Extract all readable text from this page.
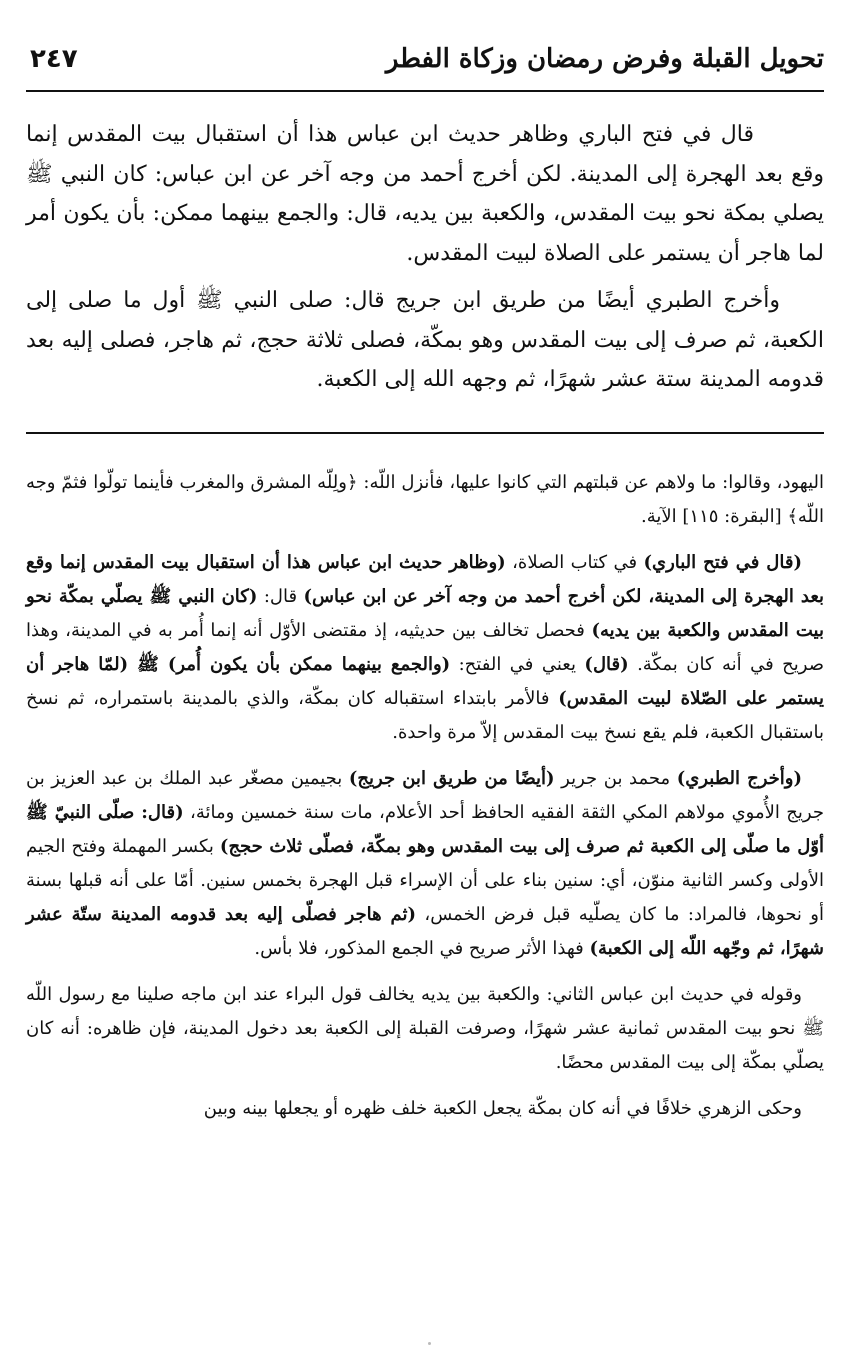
٢٤٧	تحويل القبلة وفرض رمضان وزكاة الفطر

قال في فتح الباري وظاهر حديث ابن عباس هذا أن استقبال بيت المقدس إنما وقع بعد الهجرة إلى المدينة. لكن أخرج أحمد من وجه آخر عن ابن عباس: كان النبي ﷺ يصلي بمكة نحو بيت المقدس، والكعبة بين يديه، قال: والجمع بينهما ممكن: بأن يكون أمر لما هاجر أن يستمر على الصلاة لبيت المقدس.

وأخرج الطبري أيضًا من طريق ابن جريج قال: صلى النبي ﷺ أول ما صلى إلى الكعبة، ثم صرف إلى بيت المقدس وهو بمكّة، فصلى ثلاثة حجج، ثم هاجر، فصلى إليه بعد قدومه المدينة ستة عشر شهرًا، ثم وجهه الله إلى الكعبة.

اليهود، وقالوا: ما ولاهم عن قبلتهم التي كانوا عليها، فأنزل اللّه: ﴿ولِلّه المشرق والمغرب فأينما تولّوا فثمّ وجه اللّه﴾ [البقرة: ١١٥] الآية.

(قال في فتح الباري) في كتاب الصلاة، (وظاهر حديث ابن عباس هذا أن استقبال بيت المقدس إنما وقع بعد الهجرة إلى المدينة، لكن أخرج أحمد من وجه آخر عن ابن عباس) قال: (كان النبي ﷺ يصلّي بمكّة نحو بيت المقدس والكعبة بين يديه) فحصل تخالف بين حديثيه، إذ مقتضى الأوّل أنه إنما أُمر به في المدينة، وهذا صريح في أنه كان بمكّة. (قال) يعني في الفتح: (والجمع بينهما ممكن بأن يكون أُمر) ﷺ (لمّا هاجر أن يستمر على الصّلاة لبيت المقدس) فالأمر بابتداء استقباله كان بمكّة، والذي بالمدينة باستمراره، ثم نسخ باستقبال الكعبة، فلم يقع نسخ بيت المقدس إلاّ مرة واحدة.

(وأخرج الطبري) محمد بن جرير (أيضًا من طريق ابن جريج) بجيمين مصغّر عبد الملك بن عبد العزيز بن جريج الأُموي مولاهم المكي الثقة الفقيه الحافظ أحد الأعلام، مات سنة خمسين ومائة، (قال: صلّى النبيّ ﷺ أوّل ما صلّى إلى الكعبة ثم صرف إلى بيت المقدس وهو بمكّة، فصلّى ثلاث حجج) بكسر المهملة وفتح الجيم الأولى وكسر الثانية منوّن، أي: سنين بناء على أن الإسراء قبل الهجرة بخمس سنين. أمّا على أنه قبلها بسنة أو نحوها، فالمراد: ما كان يصلّيه قبل فرض الخمس، (ثم هاجر فصلّى إليه بعد قدومه المدينة ستّة عشر شهرًا، ثم وجّهه اللّه إلى الكعبة) فهذا الأثر صريح في الجمع المذكور، فلا بأس.

وقوله في حديث ابن عباس الثاني: والكعبة بين يديه يخالف قول البراء عند ابن ماجه صلينا مع رسول اللّه ﷺ نحو بيت المقدس ثمانية عشر شهرًا، وصرفت القبلة إلى الكعبة بعد دخول المدينة، فإن ظاهره: أنه كان يصلّي بمكّة إلى بيت المقدس محضًا.

وحكى الزهري خلافًا في أنه كان بمكّة يجعل الكعبة خلف ظهره أو يجعلها بينه وبين
